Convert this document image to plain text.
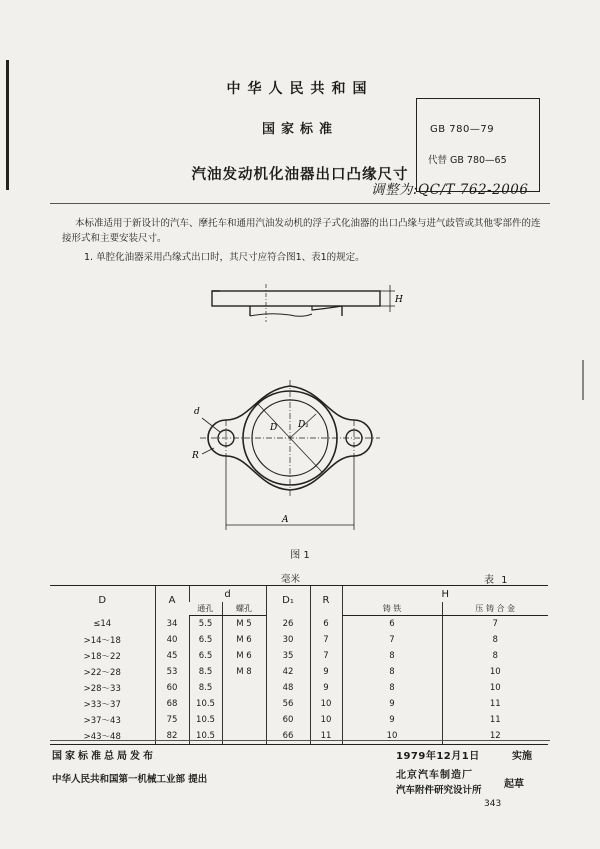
中华人民共和国
国家标准
汽油发动机化油器出口凸缘尺寸
GB 780—79
代替 GB 780—65
调整为:QC/T 762-2006
本标准适用于新设计的汽车、摩托车和通用汽油发动机的浮子式化油器的出口凸缘与进气歧管或其他零部件的连接形式和主要安装尺寸。
1. 单腔化油器采用凸缘式出口时，其尺寸应符合图1、表1的规定。
H
d
R
D D₁
A
图 1
毫米	表 1
D	A	d		D₁	R	H	
		通孔	螺孔			铸 铁	压 铸 合 金
≤14	34	5.5	M 5	26	6	6	7
>14～18	40	6.5	M 6	30	7	7	8
>18～22	45	6.5	M 6	35	7	8	8
>22～28	53	8.5	M 8	42	9	8	10
>28～33	60	8.5		48	9	8	10
>33～37	68	10.5		56	10	9	11
>37～43	75	10.5		60	10	9	11
>43～48	82	10.5		66	11	10	12
国家标准总局发布	1979年12月1日	实施
中华人民共和国第一机械工业部 提出	北京汽车制造厂
起草
汽车附件研究设计所
343
